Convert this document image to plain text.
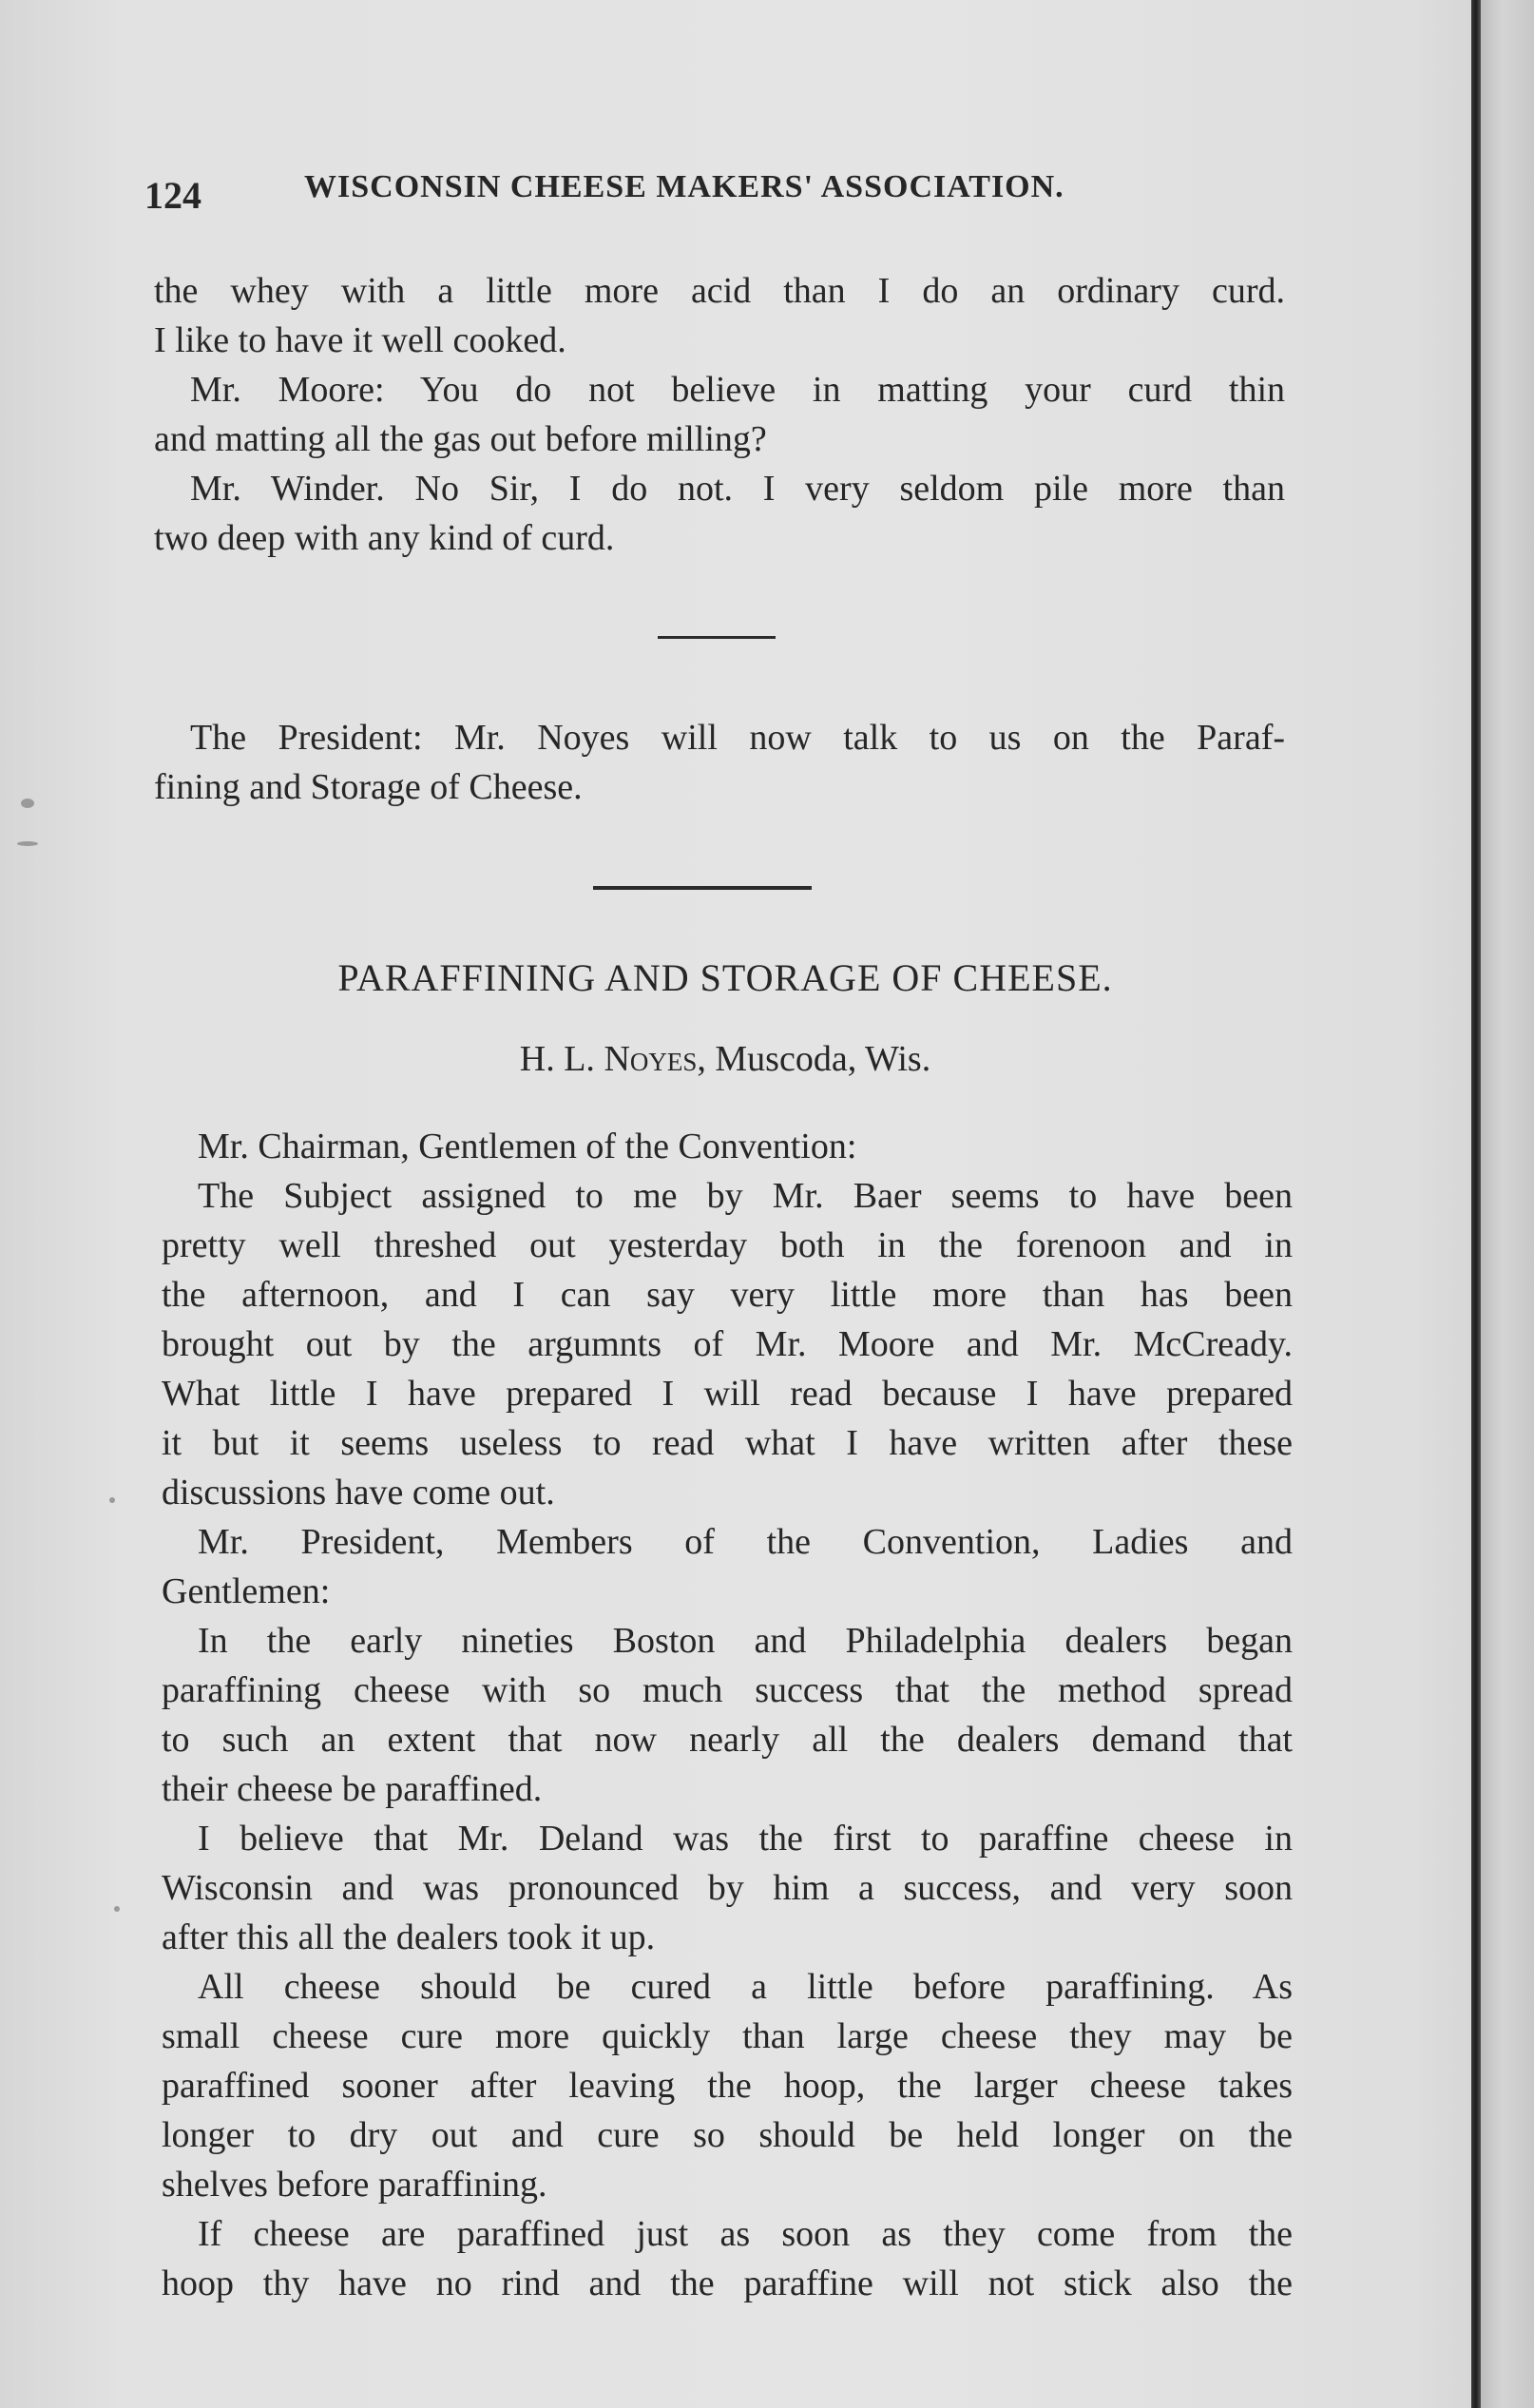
124	WISCONSIN CHEESE MAKERS' ASSOCIATION.
the whey with a little more acid than I do an ordinary curd.
I like to have it well cooked.
Mr. Moore: You do not believe in matting your curd thin
and matting all the gas out before milling?
Mr. Winder. No Sir, I do not. I very seldom pile more than
two deep with any kind of curd.
The President: Mr. Noyes will now talk to us on the Paraf-
fining and Storage of Cheese.
PARAFFINING AND STORAGE OF CHEESE.
H. L. Noyes, Muscoda, Wis.
Mr. Chairman, Gentlemen of the Convention:
The Subject assigned to me by Mr. Baer seems to have been
pretty well threshed out yesterday both in the forenoon and in
the afternoon, and I can say very little more than has been
brought out by the argumnts of Mr. Moore and Mr. McCready.
What little I have prepared I will read because I have prepared
it but it seems useless to read what I have written after these
discussions have come out.
Mr. President, Members of the Convention, Ladies and
Gentlemen:
In the early nineties Boston and Philadelphia dealers began
paraffining cheese with so much success that the method spread
to such an extent that now nearly all the dealers demand that
their cheese be paraffined.
I believe that Mr. Deland was the first to paraffine cheese in
Wisconsin and was pronounced by him a success, and very soon
after this all the dealers took it up.
All cheese should be cured a little before paraffining. As
small cheese cure more quickly than large cheese they may be
paraffined sooner after leaving the hoop, the larger cheese takes
longer to dry out and cure so should be held longer on the
shelves before paraffining.
If cheese are paraffined just as soon as they come from the
hoop thy have no rind and the paraffine will not stick also the
